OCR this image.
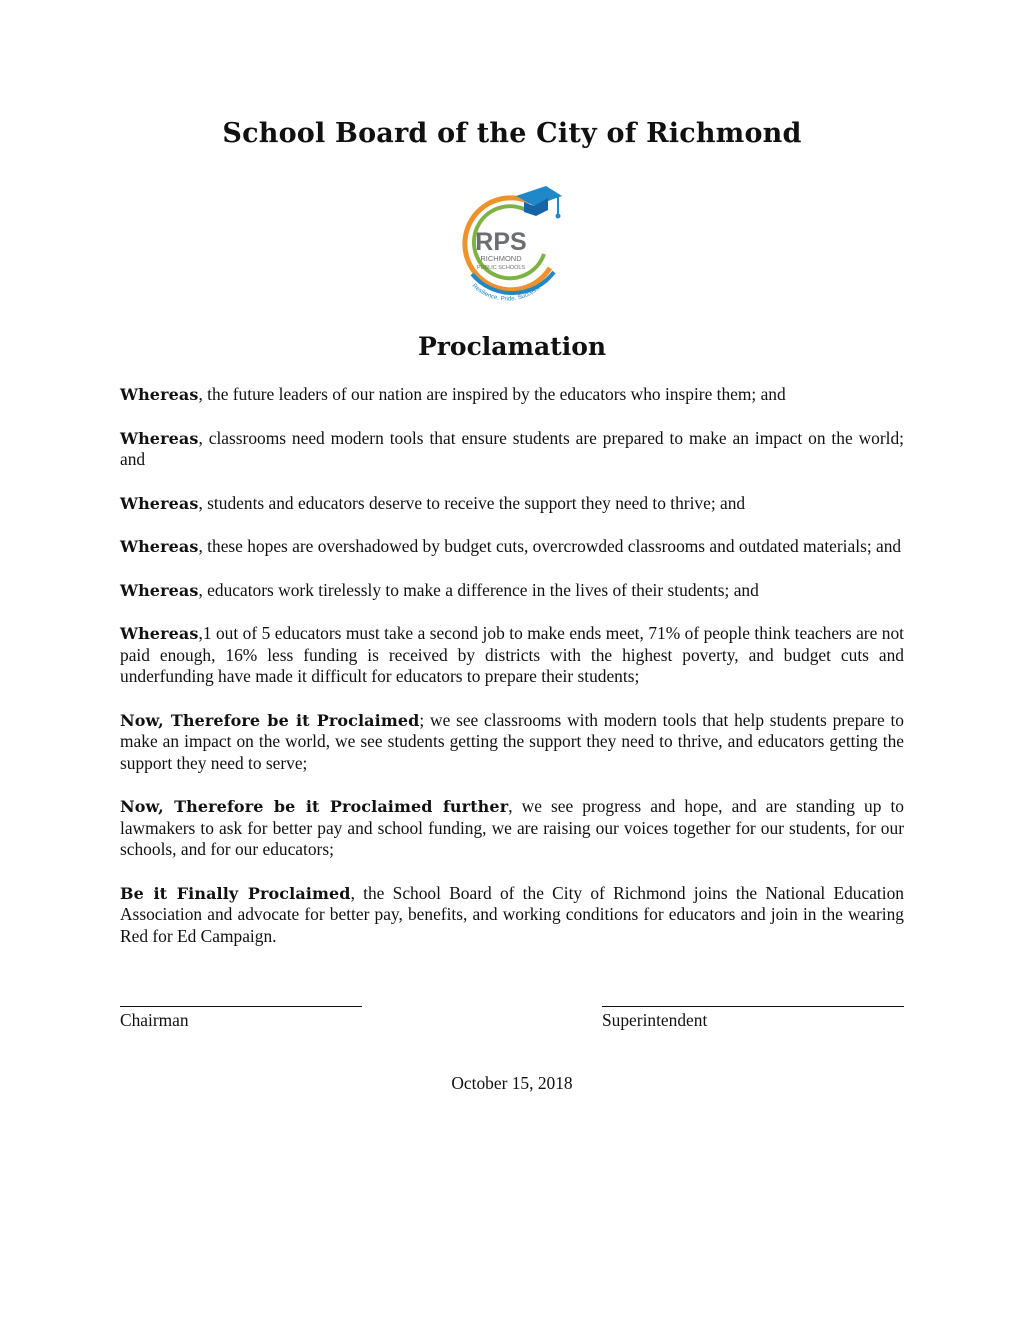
School Board of the City of Richmond
RPS
RICHMOND
PUBLIC SCHOOLS
Resilience. Pride. Success.
Proclamation

Whereas, the future leaders of our nation are inspired by the educators who inspire them; and

Whereas, classrooms need modern tools that ensure students are prepared to make an impact on the world; and

Whereas, students and educators deserve to receive the support they need to thrive; and

Whereas, these hopes are overshadowed by budget cuts, overcrowded classrooms and outdated materials; and

Whereas, educators work tirelessly to make a difference in the lives of their students; and

Whereas,1 out of 5 educators must take a second job to make ends meet, 71% of people think teachers are not paid enough, 16% less funding is received by districts with the highest poverty, and budget cuts and underfunding have made it difficult for educators to prepare their students;

Now, Therefore be it Proclaimed; we see classrooms with modern tools that help students prepare to make an impact on the world, we see students getting the support they need to thrive, and educators getting the support they need to serve;

Now, Therefore be it Proclaimed further, we see progress and hope, and are standing up to lawmakers to ask for better pay and school funding, we are raising our voices together for our students, for our schools, and for our educators;

Be it Finally Proclaimed, the School Board of the City of Richmond joins the National Education Association and advocate for better pay, benefits, and working conditions for educators and join in the wearing Red for Ed Campaign.

Chairman	Superintendent
October 15, 2018
